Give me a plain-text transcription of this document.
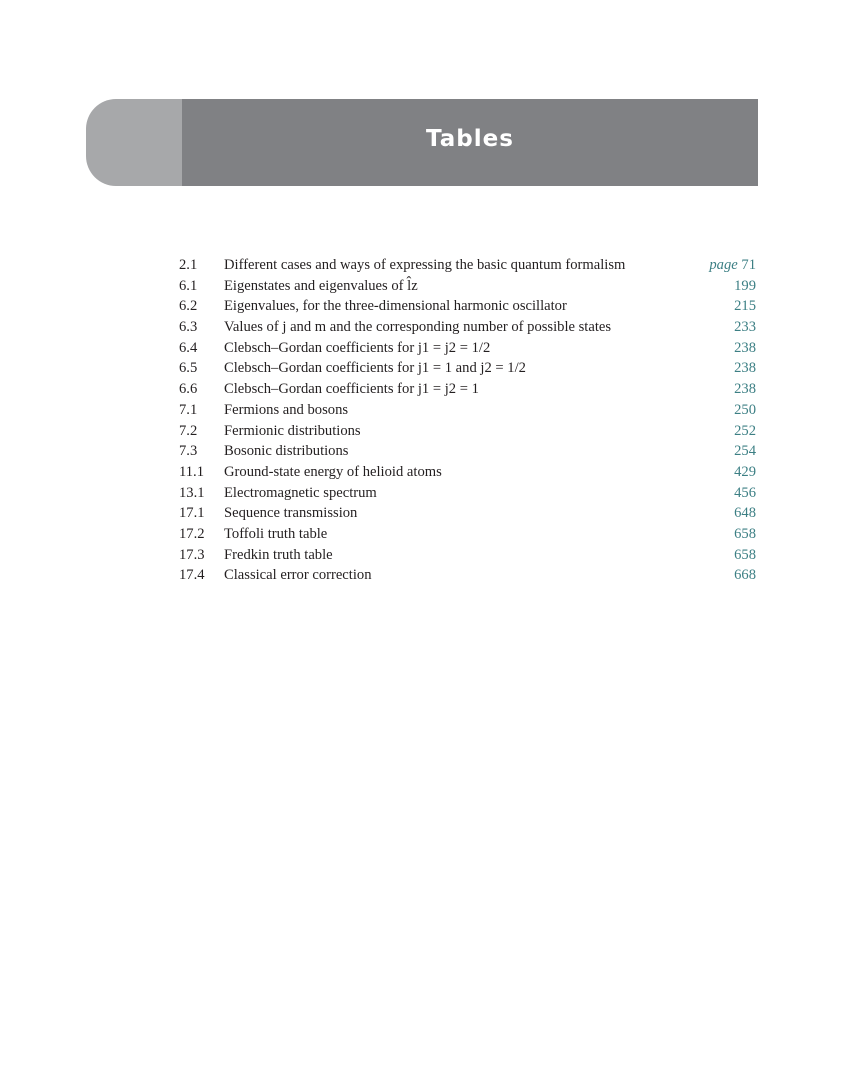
Tables
2.1 Different cases and ways of expressing the basic quantum formalism	page 71
6.1 Eigenstates and eigenvalues of l̂z	199
6.2 Eigenvalues, for the three-dimensional harmonic oscillator	215
6.3 Values of j and m and the corresponding number of possible states	233
6.4 Clebsch–Gordan coefficients for j1 = j2 = 1/2	238
6.5 Clebsch–Gordan coefficients for j1 = 1 and j2 = 1/2	238
6.6 Clebsch–Gordan coefficients for j1 = j2 = 1	238
7.1 Fermions and bosons	250
7.2 Fermionic distributions	252
7.3 Bosonic distributions	254
11.1 Ground-state energy of helioid atoms	429
13.1 Electromagnetic spectrum	456
17.1 Sequence transmission	648
17.2 Toffoli truth table	658
17.3 Fredkin truth table	658
17.4 Classical error correction	668
